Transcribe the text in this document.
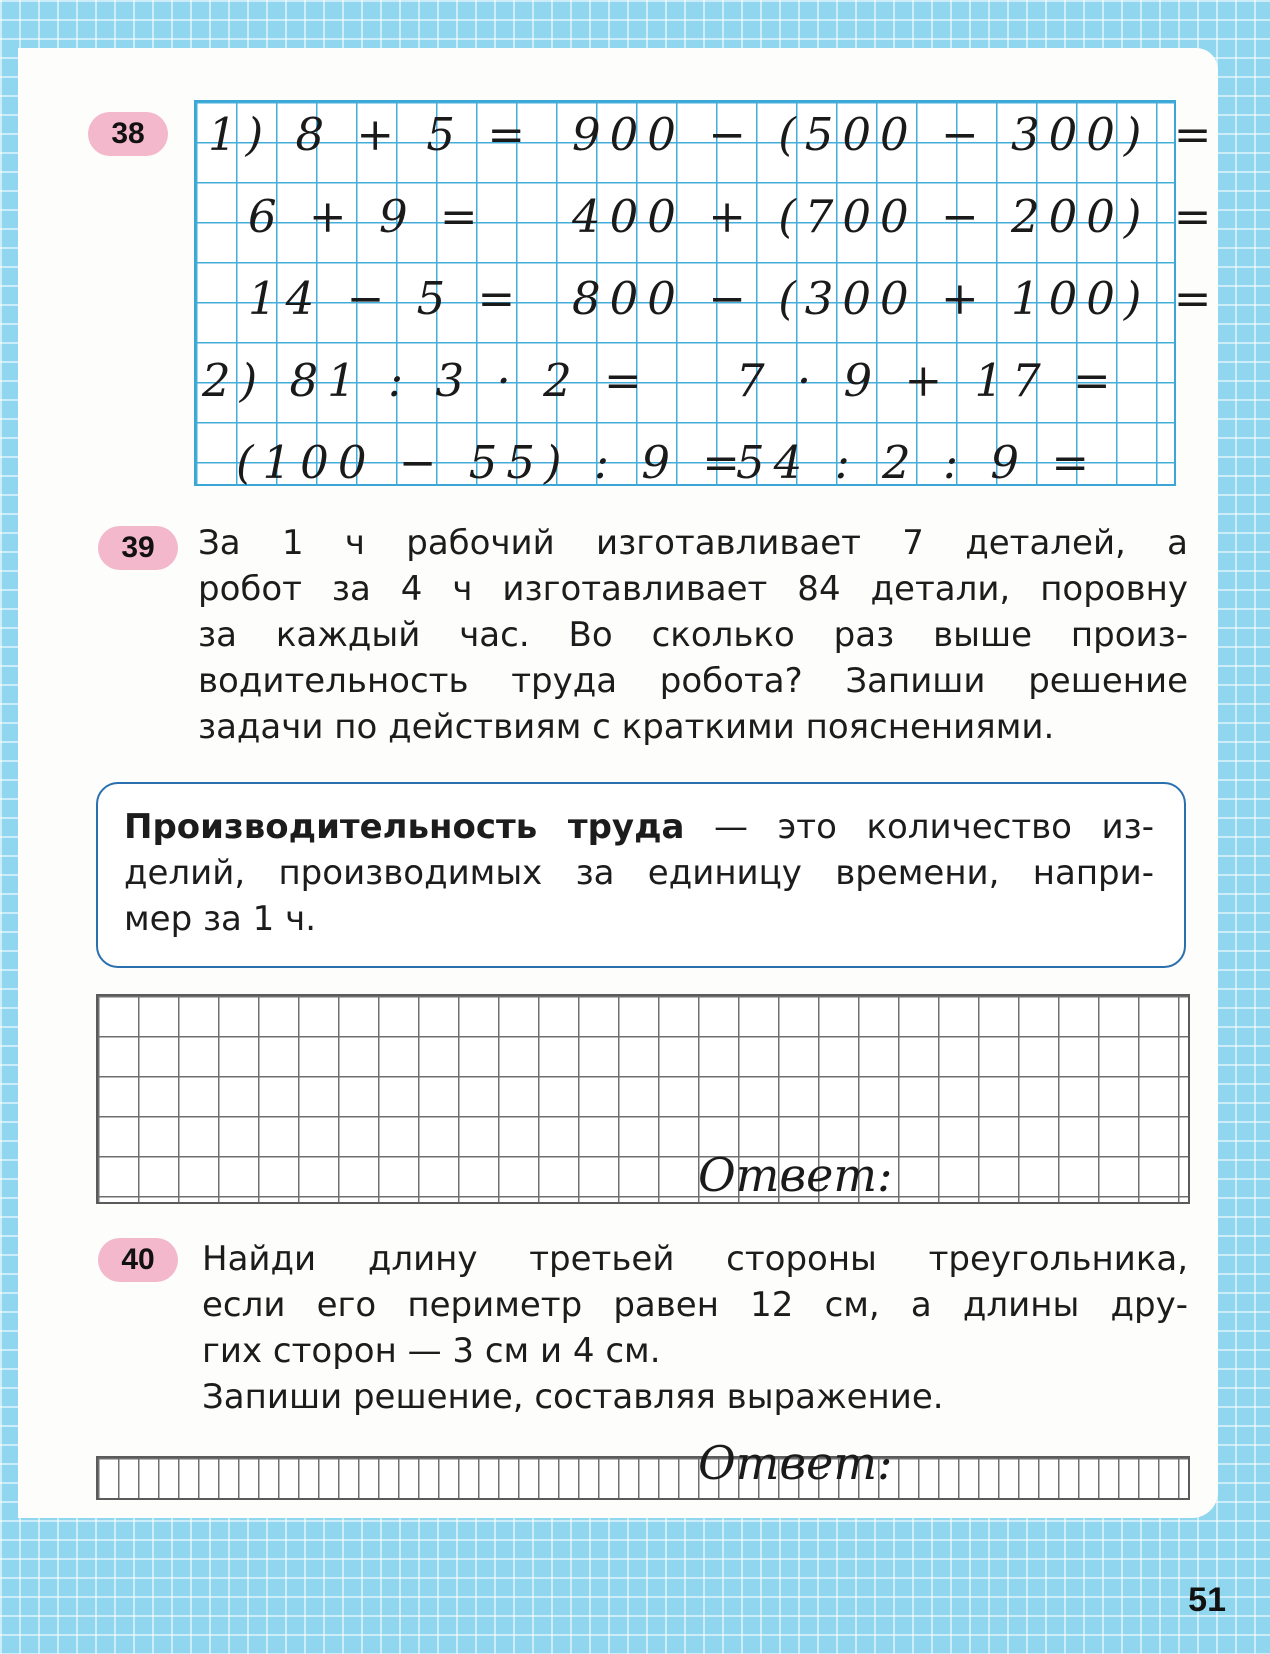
38 1) 8 + 5 =
6 + 9 =
14 − 5 =
2) 81 : 3 · 2 =
(100 − 55) : 9 =
900 − (500 − 300) =
400 + (700 − 200) =
800 − (300 + 100) =
7 · 9 + 17 =
54 : 2 : 9 =
39 За 1 ч рабочий изготавливает 7 деталей, а
робот за 4 ч изготавливает 84 детали, поровну
за каждый час. Во сколько раз выше произ-
водительность труда робота? Запиши решение
задачи по действиям с краткими пояснениями.
Производительность труда — это количество из-
делий, производимых за единицу времени, напри-
мер за 1 ч.
Ответ:
40 Найди длину третьей стороны треугольника,
если его периметр равен 12 см, а длины дру-
гих сторон — 3 см и 4 см.
Запиши решение, составляя выражение.
Ответ:
51
